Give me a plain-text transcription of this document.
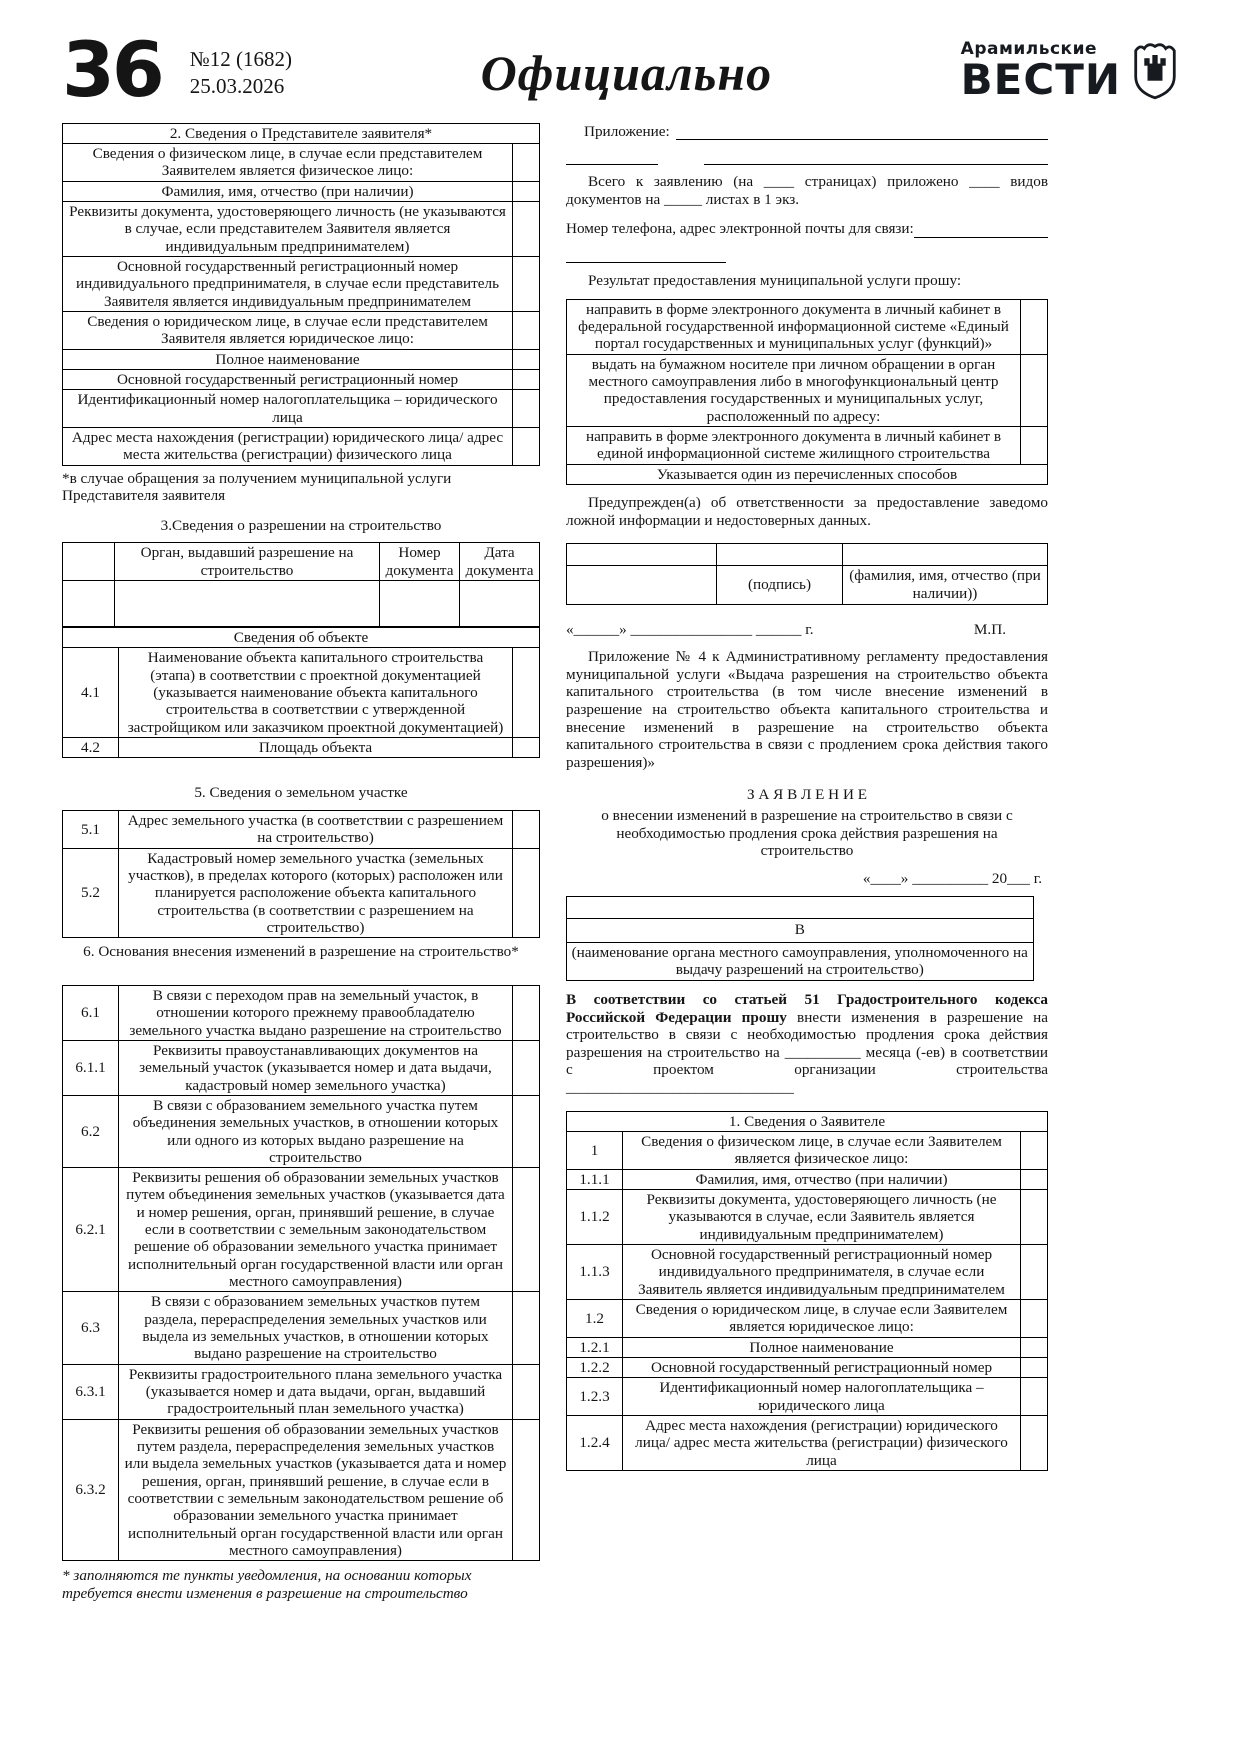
36 №12 (1682)
25.03.2026	Официально	Арамильские
ВЕСТИ
2. Сведения о Представителе заявителя*	
Сведения о физическом лице, в случае если представителем Заявителем является физическое лицо:	
Фамилия, имя, отчество (при наличии)	
Реквизиты документа, удостоверяющего личность (не указываются в случае, если представителем Заявителя является индивидуальным предпринимателем)	
Основной государственный регистрационный номер индивидуального предпринимателя, в случае если представитель Заявителя является индивидуальным предпринимателем	
Сведения о юридическом лице, в случае если представителем Заявителя является юридическое лицо:	
Полное наименование	
Основной государственный регистрационный номер	
Идентификационный номер налогоплательщика – юридического лица	
Адрес места нахождения (регистрации) юридического лица/ адрес места жительства (регистрации) физического лица	

*в случае обращения за получением муниципальной услуги Представителя заявителя

3.Сведения о разрешении на строительство
	Орган, выдавший разрешение на строительство	Номер документа	Дата документа

Сведения об объекте		
4.1	Наименование объекта капитального строительства (этапа) в соответствии с проектной документацией (указывается наименование объекта капитального строительства в соответствии с утвержденной застройщиком или заказчиком проектной документацией)	
4.2	Площадь объекта	
5. Сведения о земельном участке
5.1	Адрес земельного участка (в соответствии с разрешением на строительство)	
5.2	Кадастровый номер земельного участка (земельных участков), в пределах которого (которых) расположен или планируется расположение объекта капитального строительства (в соответствии с разрешением на строительство)	
6. Основания внесения изменений в разрешение на строительство*
6.1	В связи с переходом прав на земельный участок, в отношении которого прежнему правообладателю земельного участка выдано разрешение на строительство	
6.1.1	Реквизиты правоустанавливающих документов на земельный участок (указывается номер и дата выдачи, кадастровый номер земельного участка)	
6.2	В связи с образованием земельного участка путем объединения земельных участков, в отношении которых или одного из которых выдано разрешение на строительство	
6.2.1	Реквизиты решения об образовании земельных участков путем объединения земельных участков (указывается дата и номер решения, орган, принявший решение, в случае если в соответствии с земельным законодательством решение об образовании земельного участка принимает исполнительный орган государственной власти или орган местного самоуправления)	
6.3	В связи с образованием земельных участков путем раздела, перераспределения земельных участков или выдела из земельных участков, в отношении которых выдано разрешение на строительство	
6.3.1	Реквизиты градостроительного плана земельного участка (указывается номер и дата выдачи, орган, выдавший градостроительный план земельного участка)	
6.3.2	Реквизиты решения об образовании земельных участков путем раздела, перераспределения земельных участков или выдела земельных участков (указывается дата и номер решения, орган, принявший решение, в случае если в соответствии с земельным законодательством решение об образовании земельного участка принимает исполнительный орган государственной власти или орган местного самоуправления)	

* заполняются те пункты уведомления, на основании которых требуется внести изменения в разрешение на строительство

Приложение:

Всего к заявлению (на ____ страницах) приложено ____ видов документов на _____ листах в 1 экз.

Номер телефона, адрес электронной почты для связи:

Результат предоставления муниципальной услуги прошу:

направить в форме электронного документа в личный кабинет в федеральной государственной информационной системе «Единый портал государственных и муниципальных услуг (функций)»	
выдать на бумажном носителе при личном обращении в орган местного самоуправления либо в многофункциональный центр предоставления государственных и муниципальных услуг, расположенный по адресу:	
направить в форме электронного документа в личный кабинет в единой информационной системе жилищного строительства	
Указывается один из перечисленных способов	

Предупрежден(а) об ответственности за предоставление заведомо ложной информации и недостоверных данных.

	(подпись)	(фамилия, имя, отчество (при наличии))
«______» ________________ ______ г.	М.П.

Приложение № 4 к Административному регламенту предоставления муниципальной услуги «Выдача разрешения на строительство объекта капитального строительства (в том числе внесение изменений в разрешение на строительство объекта капитального строительства и внесение изменений в разрешение на строительство объекта капитального строительства в связи с продлением срока действия такого разрешения)»

З А Я В Л Е Н И Е
о внесении изменений в разрешение на строительство в связи с необходимостью продления срока действия разрешения на строительство
«____» __________ 20___ г.

В
(наименование органа местного самоуправления, уполномоченного на выдачу разрешений на строительство)

В соответствии со статьей 51 Градостроительного кодекса Российской Федерации прошу внести изменения в разрешение на строительство в связи с необходимостью продления срока действия разрешения на строительство на __________ месяца (-ев) в соответствии с проектом организации строительства ______________________________

1. Сведения о Заявителе		
1	Сведения о физическом лице, в случае если Заявителем является физическое лицо:	
1.1.1	Фамилия, имя, отчество (при наличии)	
1.1.2	Реквизиты документа, удостоверяющего личность (не указываются в случае, если Заявитель является индивидуальным предпринимателем)	
1.1.3	Основной государственный регистрационный номер индивидуального предпринимателя, в случае если Заявитель является индивидуальным предпринимателем	
1.2	Сведения о юридическом лице, в случае если Заявителем является юридическое лицо:	
1.2.1	Полное наименование	
1.2.2	Основной государственный регистрационный номер	
1.2.3	Идентификационный номер налогоплательщика – юридического лица	
1.2.4	Адрес места нахождения (регистрации) юридического лица/ адрес места жительства (регистрации) физического лица	
